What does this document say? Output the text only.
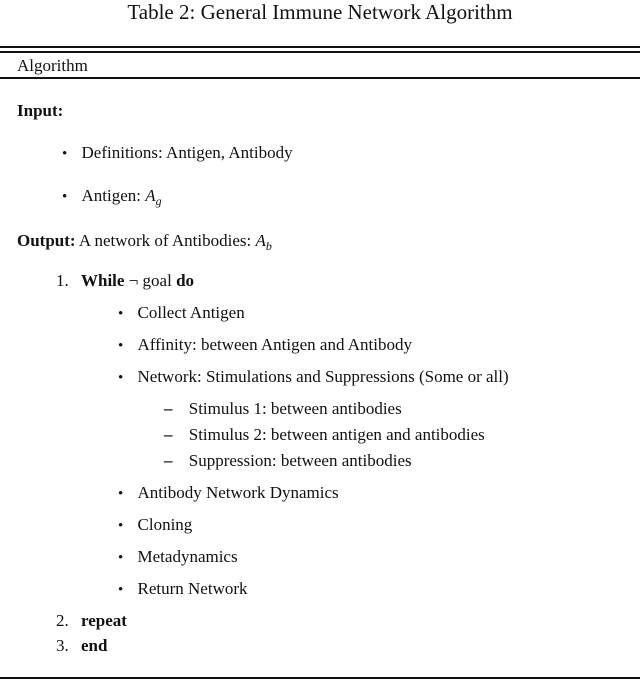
Table 2: General Immune Network Algorithm
Algorithm
Input:
• Definitions: Antigen, Antibody
• Antigen: $A_g$
Output: A network of Antibodies: $A_b$
1. While ¬ goal do
• Collect Antigen
• Affinity: between Antigen and Antibody
• Network: Stimulations and Suppressions (Some or all)
– Stimulus 1: between antibodies
– Stimulus 2: between antigen and antibodies
– Suppression: between antibodies
• Antibody Network Dynamics
• Cloning
• Metadynamics
• Return Network
2. repeat
3. end
